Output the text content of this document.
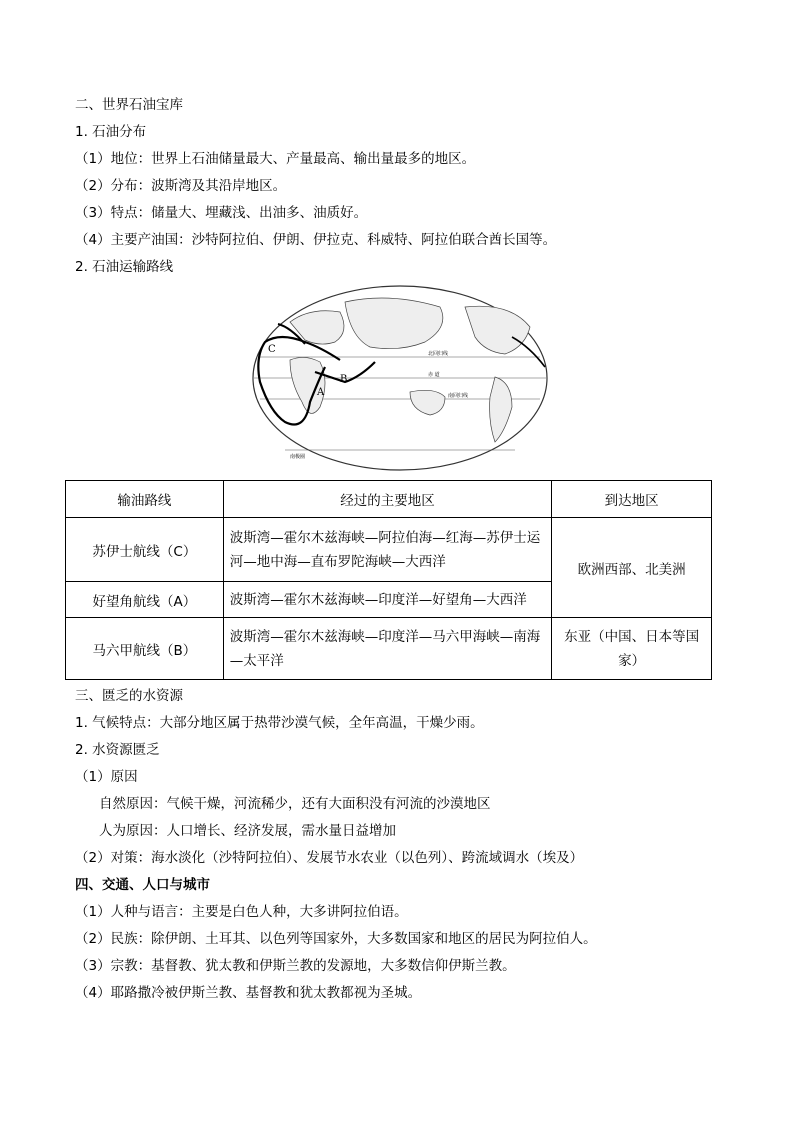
二、世界石油宝库
1. 石油分布
（1）地位：世界上石油储量最大、产量最高、输出量最多的地区。
（2）分布：波斯湾及其沿岸地区。
（3）特点：储量大、埋藏浅、出油多、油质好。
（4）主要产油国：沙特阿拉伯、伊朗、伊拉克、科威特、阿拉伯联合酋长国等。
2. 石油运输路线
C
A
B
北回归线
赤 道
南回归线
南极圈
输油路线	经过的主要地区	到达地区
苏伊士航线（C）	波斯湾—霍尔木兹海峡—阿拉伯海—红海—苏伊士运河—地中海—直布罗陀海峡—大西洋	欧洲西部、北美洲
好望角航线（A）	波斯湾—霍尔木兹海峡—印度洋—好望角—大西洋	
马六甲航线（B）	波斯湾—霍尔木兹海峡—印度洋—马六甲海峡—南海—太平洋	东亚（中国、日本等国家）
三、匮乏的水资源
1. 气候特点：大部分地区属于热带沙漠气候，全年高温，干燥少雨。
2. 水资源匮乏
（1）原因
自然原因：气候干燥，河流稀少，还有大面积没有河流的沙漠地区
人为原因：人口增长、经济发展，需水量日益增加
（2）对策：海水淡化（沙特阿拉伯）、发展节水农业（以色列）、跨流域调水（埃及）
四、交通、人口与城市
（1）人种与语言：主要是白色人种，大多讲阿拉伯语。
（2）民族：除伊朗、土耳其、以色列等国家外，大多数国家和地区的居民为阿拉伯人。
（3）宗教：基督教、犹太教和伊斯兰教的发源地，大多数信仰伊斯兰教。
（4）耶路撒冷被伊斯兰教、基督教和犹太教都视为圣城。
